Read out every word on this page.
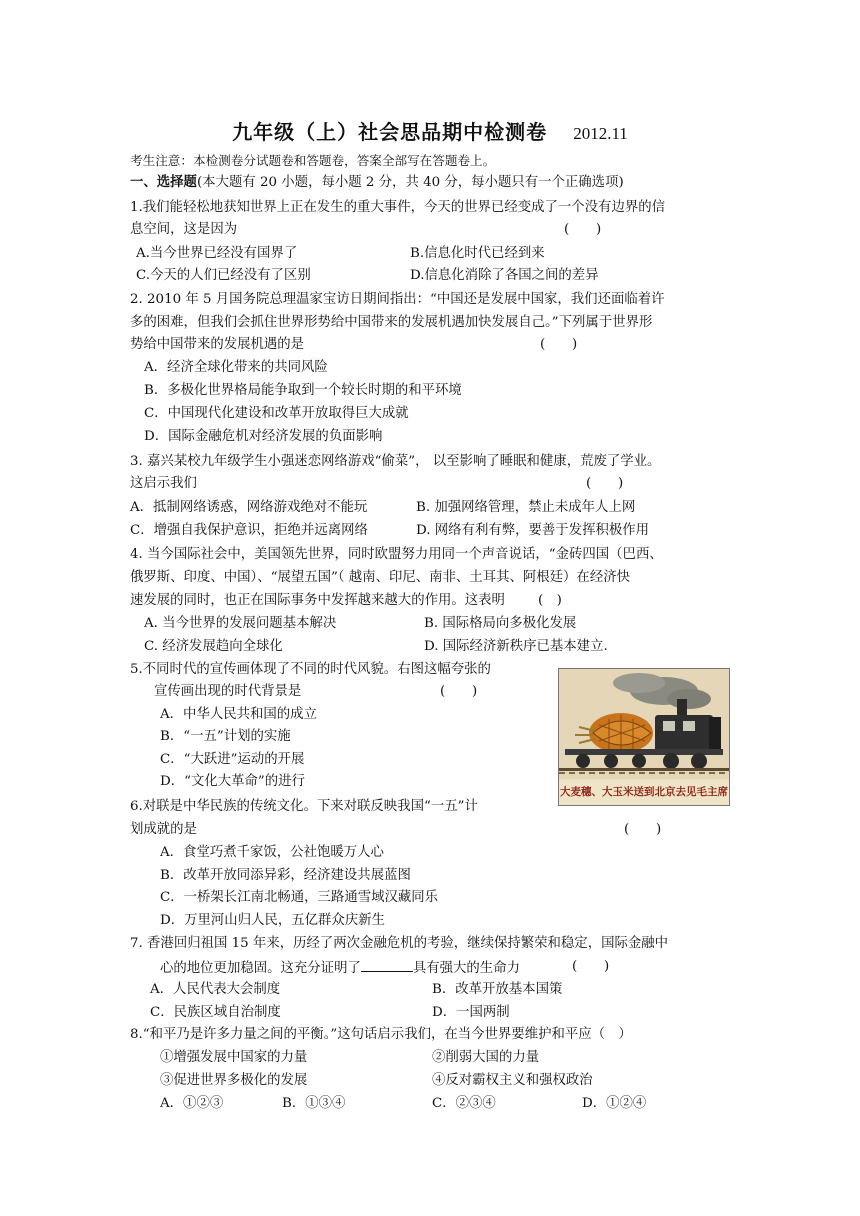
九年级（上）社会思品期中检测卷 2012.11
考生注意：本检测卷分试题卷和答题卷，答案全部写在答题卷上。
一、选择题(本大题有 20 小题，每小题 2 分，共 40 分，每小题只有一个正确选项)
1.我们能轻松地获知世界上正在发生的重大事件，今天的世界已经变成了一个没有边界的信
息空间，这是因为	(　　)
A.当今世界已经没有国界了	B.信息化时代已经到来
C.今天的人们已经没有了区别	D.信息化消除了各国之间的差异
2. 2010 年 5 月国务院总理温家宝访日期间指出：“中国还是发展中国家，我们还面临着许
多的困难，但我们会抓住世界形势给中国带来的发展机遇加快发展自己。”下列属于世界形
势给中国带来的发展机遇的是	(　　)
A．经济全球化带来的共同风险
B．多极化世界格局能争取到一个较长时期的和平环境
C．中国现代化建设和改革开放取得巨大成就
D．国际金融危机对经济发展的负面影响
3. 嘉兴某校九年级学生小强迷恋网络游戏“偷菜”， 以至影响了睡眠和健康，荒废了学业。
这启示我们	(　　)
A．抵制网络诱惑，网络游戏绝对不能玩	B. 加强网络管理，禁止未成年人上网
C．增强自我保护意识，拒绝并远离网络	D. 网络有利有弊，要善于发挥积极作用
4. 当今国际社会中，美国领先世界，同时欧盟努力用同一个声音说话，“金砖四国（巴西、
俄罗斯、印度、中国）、“展望五国”（ 越南、印尼、南非、土耳其、阿根廷）在经济快
速发展的同时，也正在国际事务中发挥越来越大的作用。这表明 (　)
A. 当今世界的发展问题基本解决	B. 国际格局向多极化发展
C. 经济发展趋向全球化	D. 国际经济新秩序已基本建立.
5.不同时代的宣传画体现了不同的时代风貌。右图这幅夸张的
宣传画出现的时代背景是	(　　)
A．中华人民共和国的成立
B．“一五”计划的实施
C．“大跃进”运动的开展
D．“文化大革命”的进行
大麦穗、大玉米送到北京去见毛主席
6.对联是中华民族的传统文化。下来对联反映我国“一五”计
划成就的是	(　　)
A．食堂巧煮千家饭，公社饱暖万人心
B．改革开放同添异彩，经济建设共展蓝图
C．一桥架长江南北畅通，三路通雪域汉藏同乐
D．万里河山归人民，五亿群众庆新生
7. 香港回归祖国 15 年来，历经了两次金融危机的考验，继续保持繁荣和稳定，国际金融中
心的地位更加稳固。这充分证明了	具有强大的生命力	(　　)
A．人民代表大会制度	B．改革开放基本国策
C．民族区域自治制度	D．一国两制
8.“和平乃是许多力量之间的平衡。”这句话启示我们，在当今世界要维护和平应（　）
①增强发展中国家的力量	②削弱大国的力量
③促进世界多极化的发展	④反对霸权主义和强权政治
A．①②③	B．①③④	C．②③④	D．①②④
